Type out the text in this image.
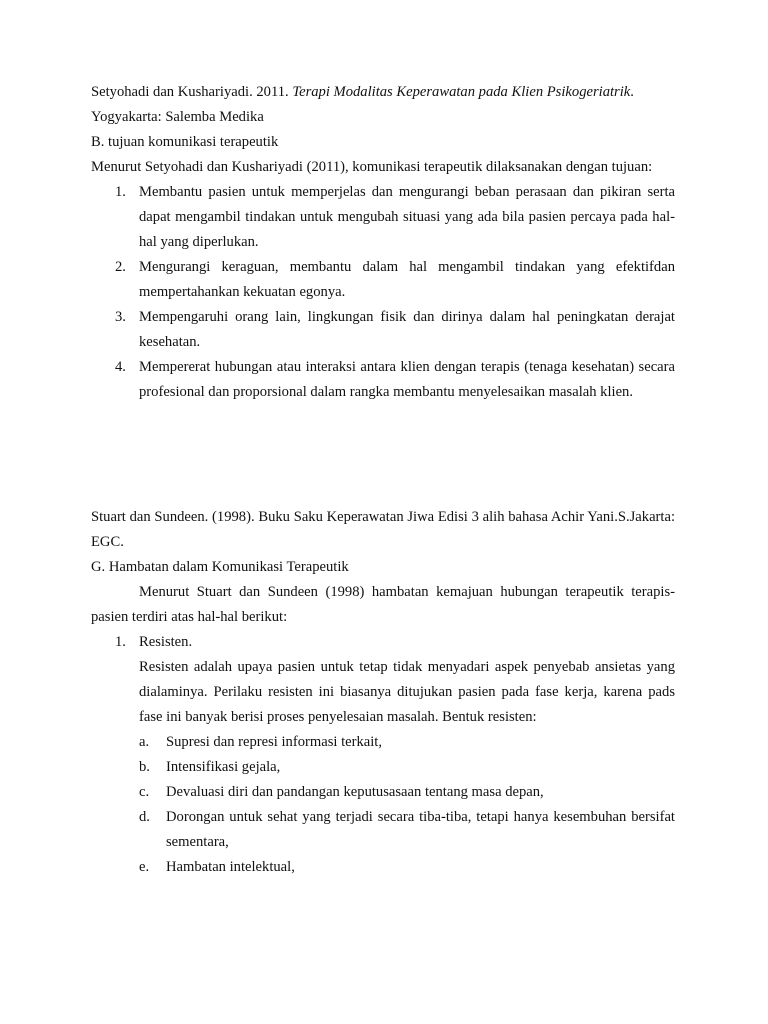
Setyohadi dan Kushariyadi. 2011. Terapi Modalitas Keperawatan pada Klien Psikogeriatrik.

Yogyakarta: Salemba Medika

B. tujuan komunikasi terapeutik

Menurut Setyohadi dan Kushariyadi (2011), komunikasi terapeutik dilaksanakan dengan tujuan:

1. Membantu pasien untuk memperjelas dan mengurangi beban perasaan dan pikiran serta dapat mengambil tindakan untuk mengubah situasi yang ada bila pasien percaya pada hal-hal yang diperlukan.
2. Mengurangi keraguan, membantu dalam hal mengambil tindakan yang efektifdan mempertahankan kekuatan egonya.
3. Mempengaruhi orang lain, lingkungan fisik dan dirinya dalam hal peningkatan derajat kesehatan.
4. Mempererat hubungan atau interaksi antara klien dengan terapis (tenaga kesehatan) secara profesional dan proporsional dalam rangka membantu menyelesaikan masalah klien.

Stuart dan Sundeen. (1998). Buku Saku Keperawatan Jiwa Edisi 3 alih bahasa Achir Yani.S.Jakarta: EGC.

G. Hambatan dalam Komunikasi Terapeutik

Menurut Stuart dan Sundeen (1998) hambatan kemajuan hubungan terapeutik terapis-pasien terdiri atas hal-hal berikut:

1. Resisten.

Resisten adalah upaya pasien untuk tetap tidak menyadari aspek penyebab ansietas yang dialaminya. Perilaku resisten ini biasanya ditujukan pasien pada fase kerja, karena pads fase ini banyak berisi proses penyelesaian masalah. Bentuk resisten:

a. Supresi dan represi informasi terkait,
b. Intensifikasi gejala,
c. Devaluasi diri dan pandangan keputusasaan tentang masa depan,
d. Dorongan untuk sehat yang terjadi secara tiba-tiba, tetapi hanya kesembuhan bersifat sementara,
e. Hambatan intelektual,
